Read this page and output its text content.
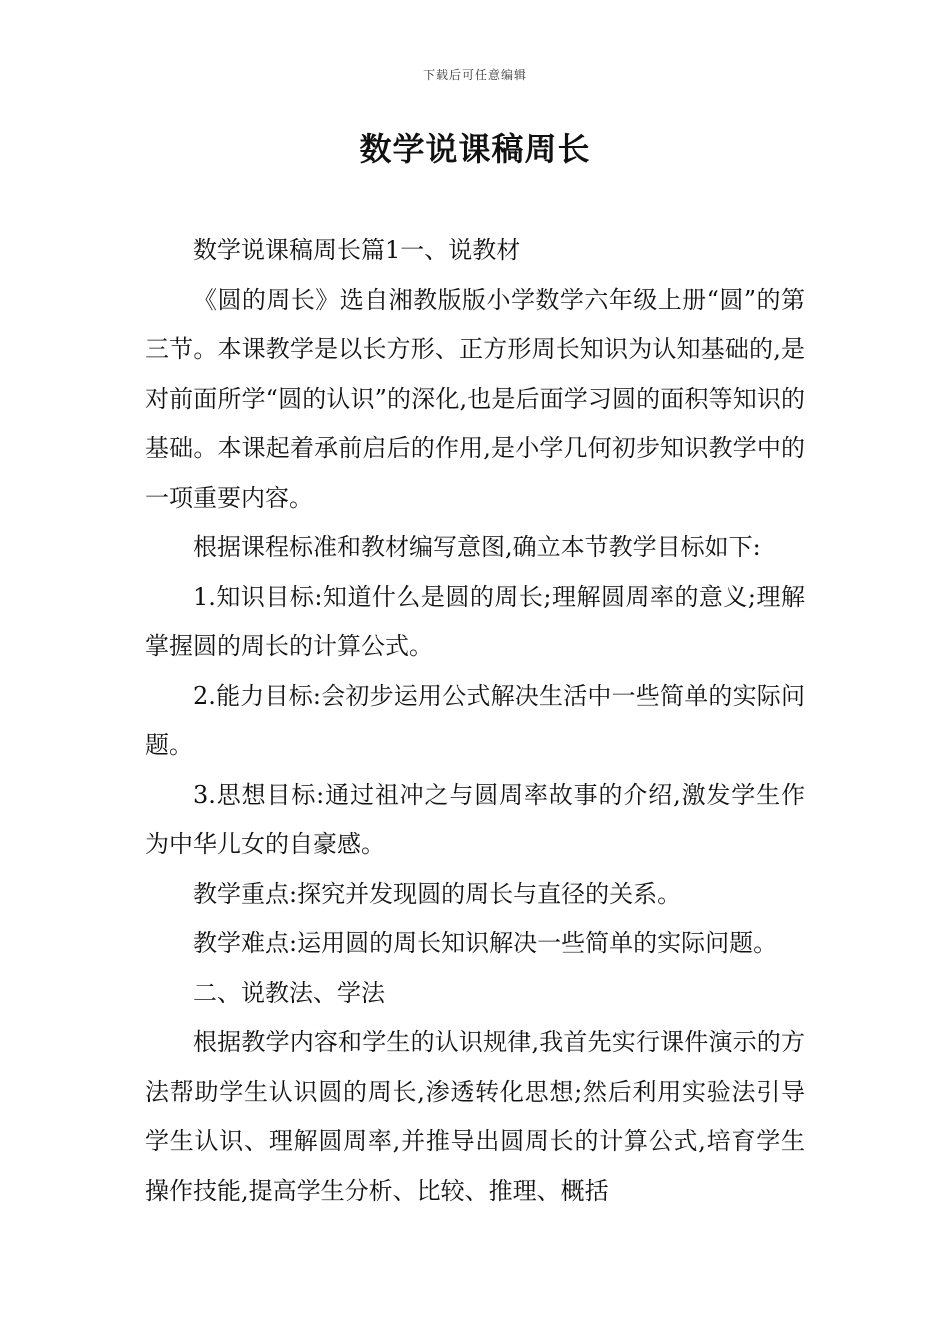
下载后可任意编辑
数学说课稿周长

数学说课稿周长篇1一、说教材

《圆的周长》选自湘教版版小学数学六年级上册“圆”的第三节。本课教学是以长方形、正方形周长知识为认知基础的,是对前面所学“圆的认识”的深化,也是后面学习圆的面积等知识的基础。本课起着承前启后的作用,是小学几何初步知识教学中的一项重要内容。

根据课程标准和教材编写意图,确立本节教学目标如下:

1.知识目标:知道什么是圆的周长;理解圆周率的意义;理解掌握圆的周长的计算公式。

2.能力目标:会初步运用公式解决生活中一些简单的实际问题。

3.思想目标:通过祖冲之与圆周率故事的介绍,激发学生作为中华儿女的自豪感。

教学重点:探究并发现圆的周长与直径的关系。

教学难点:运用圆的周长知识解决一些简单的实际问题。

二、说教法、学法

根据教学内容和学生的认识规律,我首先实行课件演示的方法帮助学生认识圆的周长,渗透转化思想;然后利用实验法引导学生认识、理解圆周率,并推导出圆周长的计算公式,培育学生操作技能,提高学生分析、比较、推理、概括
